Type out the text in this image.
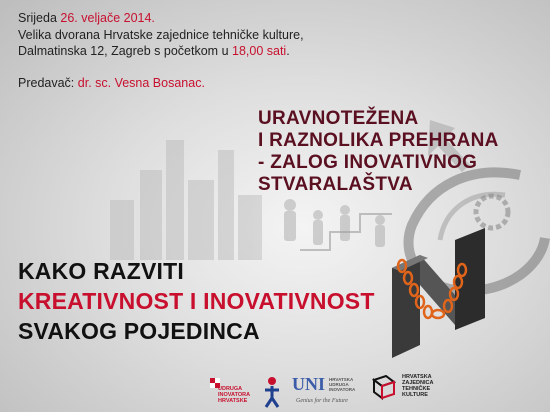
Srijeda 26. veljače 2014.
Velika dvorana Hrvatske zajednice tehničke kulture,
Dalmatinska 12, Zagreb s početkom u 18,00 sati.
Predavač: dr. sc. Vesna Bosanac.
URAVNOTEŽENA
I RAZNOLIKA PREHRANA
- ZALOG INOVATIVNOG
STVARALAŠTVA
KAKO RAZVITI
KREATIVNOST I INOVATIVNOST
SVAKOG POJEDINCA
UDRUGA
INOVATORA
HRVATSKE
UNI HRVATSKA
UDRUGA
INOVATORA
Genius for the Future
HRVATSKA
ZAJEDNICA
TEHNIČKE
KULTURE
